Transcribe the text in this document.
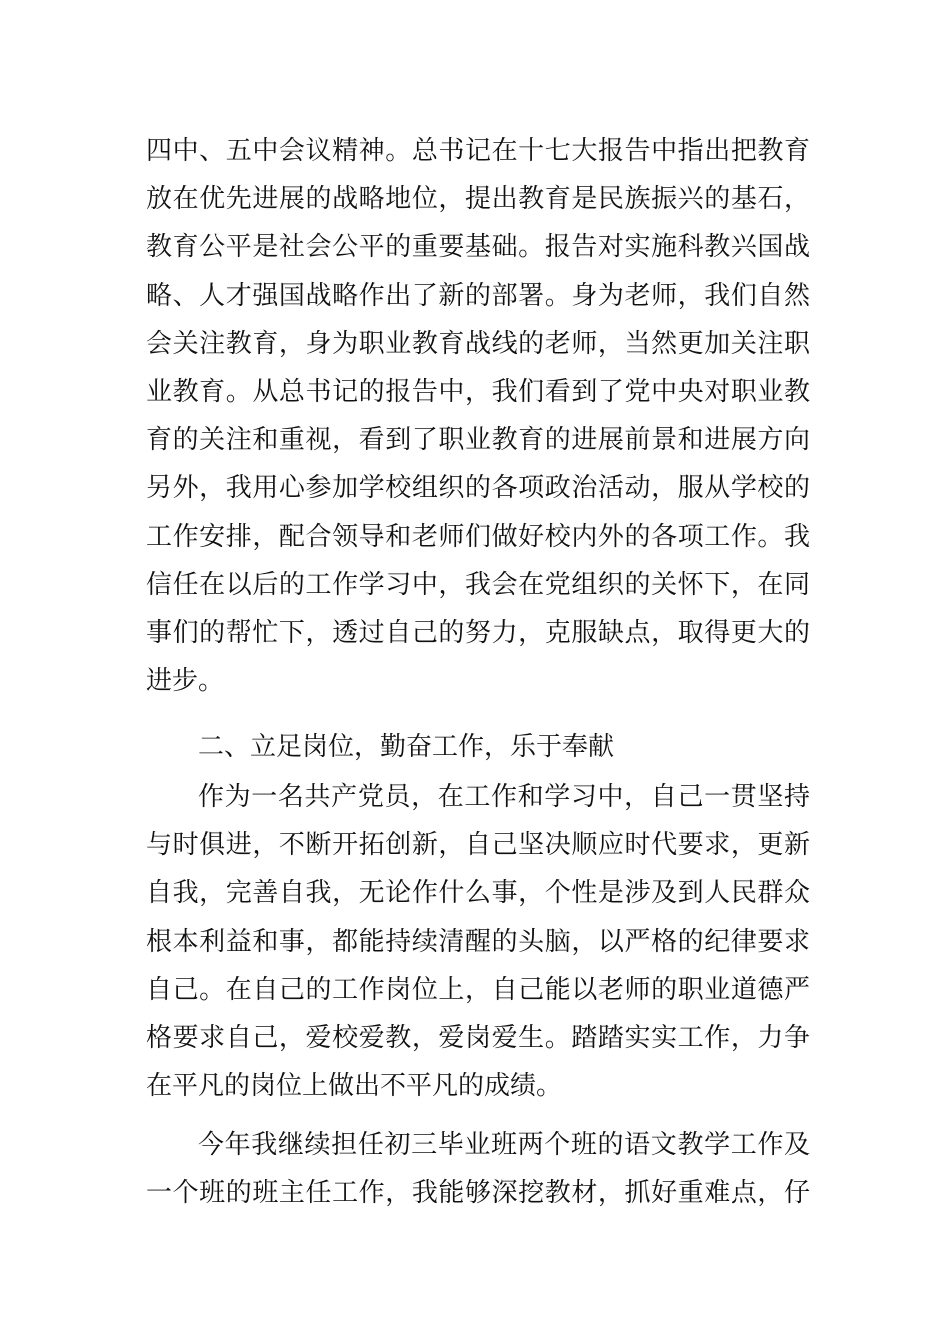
四中、五中会议精神。总书记在十七大报告中指出把教育
放在优先进展的战略地位，提出教育是民族振兴的基石，
教育公平是社会公平的重要基础。报告对实施科教兴国战
略、人才强国战略作出了新的部署。身为老师，我们自然
会关注教育，身为职业教育战线的老师，当然更加关注职
业教育。从总书记的报告中，我们看到了党中央对职业教
育的关注和重视，看到了职业教育的进展前景和进展方向
另外，我用心参加学校组织的各项政治活动，服从学校的
工作安排，配合领导和老师们做好校内外的各项工作。我
信任在以后的工作学习中，我会在党组织的关怀下，在同
事们的帮忙下，透过自己的努力，克服缺点，取得更大的
进步。
二、立足岗位，勤奋工作，乐于奉献
作为一名共产党员，在工作和学习中，自己一贯坚持
与时俱进，不断开拓创新，自己坚决顺应时代要求，更新
自我，完善自我，无论作什么事，个性是涉及到人民群众
根本利益和事，都能持续清醒的头脑，以严格的纪律要求
自己。在自己的工作岗位上，自己能以老师的职业道德严
格要求自己，爱校爱教，爱岗爱生。踏踏实实工作，力争
在平凡的岗位上做出不平凡的成绩。
今年我继续担任初三毕业班两个班的语文教学工作及
一个班的班主任工作，我能够深挖教材，抓好重难点，仔
